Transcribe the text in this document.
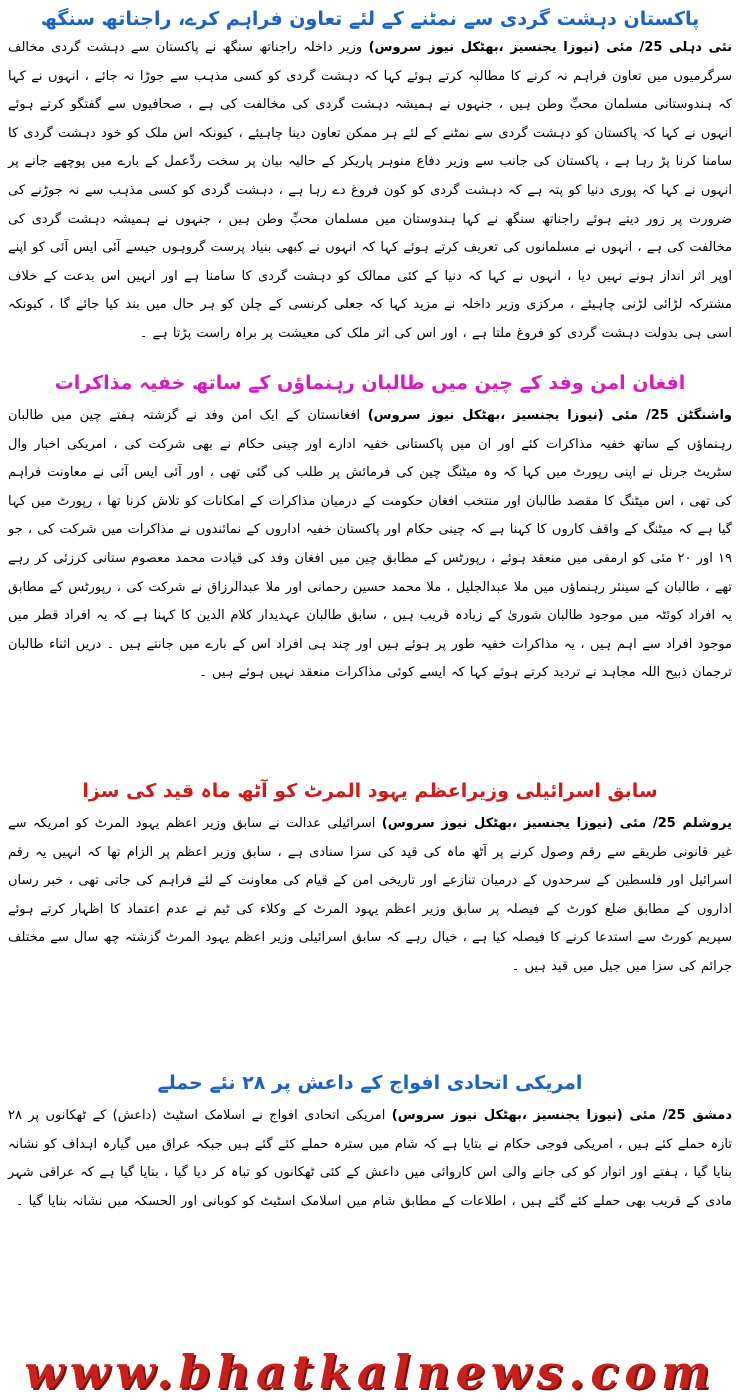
پاکستان دہشت گردی سے نمٹنے کے لئے تعاون فراہم کرے، راجناتھ سنگھ

نئی دہلی 25/ مئی (نیوزا یجنسیز ،بھٹکل نیوز سروس) وزیر داخلہ راجناتھ سنگھ نے پاکستان سے دہشت گردی مخالف سرگرمیوں میں تعاون فراہم نہ کرنے کا مطالبہ کرتے ہوئے کہا کہ دہشت گردی کو کسی مذہب سے جوڑا نہ جائے ، انہوں نے کہا کہ ہندوستانی مسلمان محبِّ وطن ہیں ، جنہوں نے ہمیشہ دہشت گردی کی مخالفت کی ہے ، صحافیوں سے گفتگو کرتے ہوئے انہوں نے کہا کہ پاکستان کو دہشت گردی سے نمٹنے کے لئے ہر ممکن تعاون دینا چاہیئے ، کیونکہ اس ملک کو خود دہشت گردی کا سامنا کرنا پڑ رہا ہے ، پاکستان کی جانب سے وزیر دفاع منوہر پاریکر کے حالیہ بیان پر سخت ردِّعمل کے بارے میں پوچھے جانے پر انہوں نے کہا کہ پوری دنیا کو پتہ ہے کہ دہشت گردی کو کون فروغ دے رہا ہے ، دہشت گردی کو کسی مذہب سے نہ جوڑنے کی ضرورت پر زور دیتے ہوئے راجناتھ سنگھ نے کہا ہندوستان میں مسلمان محبِّ وطن ہیں ، جنہوں نے ہمیشہ دہشت گردی کی مخالفت کی ہے ، انہوں نے مسلمانوں کی تعریف کرتے ہوئے کہا کہ انہوں نے کبھی بنیاد پرست گروہوں جیسے آئی ایس آئی کو اپنے اوپر اثر انداز ہونے نہیں دیا ، انہوں نے کہا کہ دنیا کے کئی ممالک کو دہشت گردی کا سامنا ہے اور انہیں اس بدعت کے خلاف مشترکہ لڑائی لڑنی چاہیئے ، مرکزی وزیر داخلہ نے مزید کہا کہ جعلی کرنسی کے چلن کو ہر حال میں بند کیا جائے گا ، کیونکہ اسی ہی بدولت دہشت گردی کو فروغ ملتا ہے ، اور اس کی اثر ملک کی معیشت پر براہ راست پڑتا ہے ۔

افغان امن وفد کے چین میں طالبان رہنماؤں کے ساتھ خفیہ مذاکرات

واشنگٹن 25/ مئی (نیوزا یجنسیز ،بھٹکل نیوز سروس) افغانستان کے ایک امن وفد نے گزشتہ ہفتے چین میں طالبان رہنماؤں کے ساتھ خفیہ مذاکرات کئے اور ان میں پاکستانی خفیہ ادارے اور چینی حکام نے بھی شرکت کی ، امریکی اخبار وال سٹریٹ جرنل نے اپنی رپورٹ میں کہا کہ وہ میٹنگ چین کی فرمائش پر طلب کی گئی تھی ، اور آئی ایس آئی نے معاونت فراہم کی تھی ، اس میٹنگ کا مقصد طالبان اور منتخب افغان حکومت کے درمیان مذاکرات کے امکانات کو تلاش کرنا تھا ، رپورٹ میں کہا گیا ہے کہ میٹنگ کے واقف کاروں کا کہنا ہے کہ چینی حکام اور پاکستان خفیہ اداروں کے نمائندوں نے مذاکرات میں شرکت کی ، جو ۱۹ اور ۲۰ مئی کو ارمقی میں منعقد ہوئے ، رپورٹس کے مطابق چین میں افغان وفد کی قیادت محمد معصوم ستانی کرزئی کر رہے تھے ، طالبان کے سینئر رہنماؤں میں ملا عبدالجلیل ، ملا محمد حسین رحمانی اور ملا عبدالرزاق نے شرکت کی ، رپورٹس کے مطابق یہ افراد کوئٹہ میں موجود طالبان شوریٰ کے زیادہ قریب ہیں ، سابق طالبان عہدیدار کلام الدین کا کہنا ہے کہ یہ افراد قطر میں موجود افراد سے اہم ہیں ، یہ مذاکرات خفیہ طور پر ہوئے ہیں اور چند ہی افراد اس کے بارے میں جانتے ہیں ۔ دریں اثناء طالبان ترجمان ذبیح اللہ مجاہد نے تردید کرتے ہوئے کہا کہ ایسے کوئی مذاکرات منعقد نہیں ہوئے ہیں ۔

سابق اسرائیلی وزیراعظم یہود المرٹ کو آٹھ ماہ قید کی سزا

یروشلم 25/ مئی (نیوزا یجنسیز ،بھٹکل نیوز سروس) اسرائیلی عدالت نے سابق وزیر اعظم یہود المرٹ کو امریکہ سے غیر قانونی طریقے سے رقم وصول کرنے پر آٹھ ماہ کی قید کی سزا سنادی ہے ، سابق وزیر اعظم پر الزام تھا کہ انہیں یہ رقم اسرائیل اور فلسطین کے سرحدوں کے درمیان تنازعے اور تاریخی امن کے قیام کی معاونت کے لئے فراہم کی جاتی تھی ، خبر رساں اداروں کے مطابق ضلع کورٹ کے فیصلہ پر سابق وزیر اعظم یہود المرٹ کے وکلاء کی ٹیم نے عدم اعتماد کا اظہار کرتے ہوئے سپریم کورٹ سے استدعا کرنے کا فیصلہ کیا ہے ، خیال رہے کہ سابق اسرائیلی وزیر اعظم یہود المرٹ گزشتہ چھ سال سے مختلف جرائم کی سزا میں جیل میں قید ہیں ۔

امریکی اتحادی افواج کے داعش پر ۲۸ نئے حملے

دمشق 25/ مئی (نیوزا یجنسیز ،بھٹکل نیوز سروس) امریکی اتحادی افواج نے اسلامک اسٹیٹ (داعش) کے ٹھکانوں پر ۲۸ تازہ حملے کئے ہیں ، امریکی فوجی حکام نے بتایا ہے کہ شام میں سترہ حملے کئے گئے ہیں جبکہ عراق میں گیارہ اہداف کو نشانہ بنایا گیا ، ہفتے اور اتوار کو کی جانے والی اس کاروائی میں داعش کے کئی ٹھکانوں کو تباہ کر دیا گیا ، بتایا گیا ہے کہ عراقی شہر مادی کے قریب بھی حملے کئے گئے ہیں ، اطلاعات کے مطابق شام میں اسلامک اسٹیٹ کو کوبانی اور الحسکہ میں نشانہ بنایا گیا ۔

www.bhatkalnews.com
